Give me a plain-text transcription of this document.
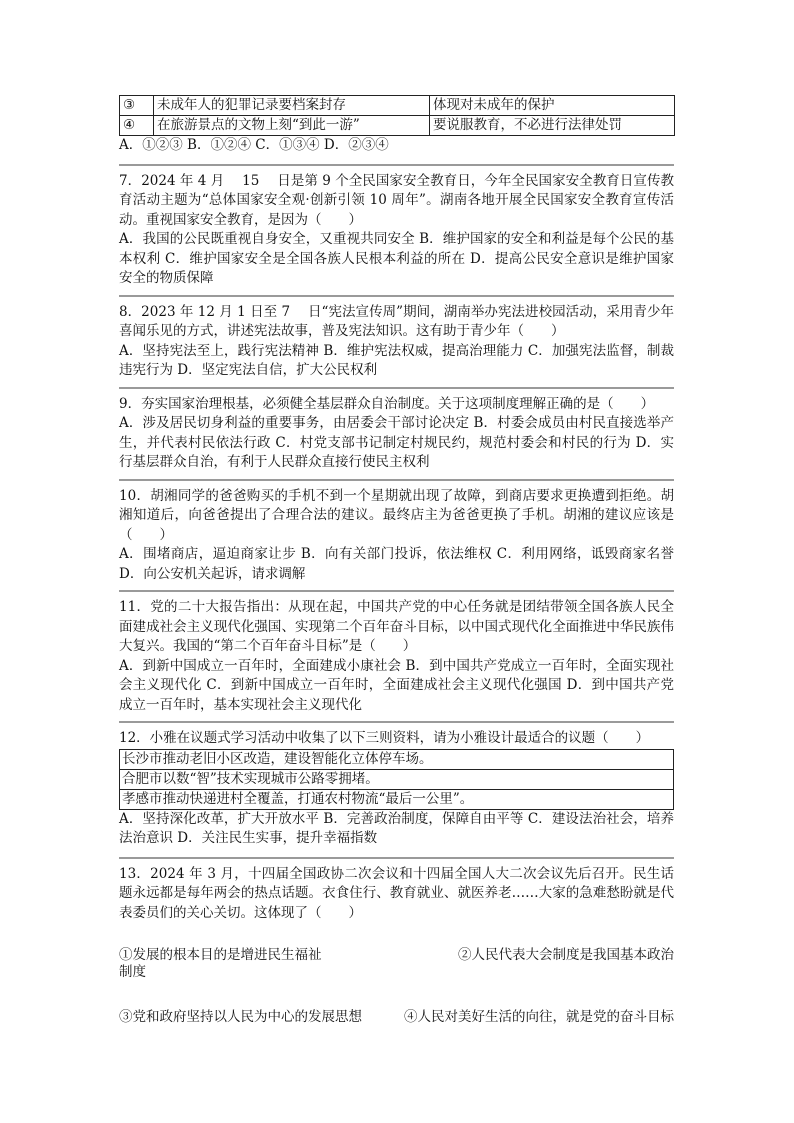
③	未成年人的犯罪记录要档案封存	体现对未成年的保护
④	在旅游景点的文物上刻“到此一游”	要说服教育，不必进行法律处罚

A．①②③ B．①②④ C．①③④ D．②③④

7．2024 年 4 月 　15 　日是第 9 个全民国家安全教育日，今年全民国家安全教育日宣传教育活动主题为“总体国家安全观·创新引领 10 周年”。湖南各地开展全民国家安全教育宣传活动。重视国家安全教育，是因为（　　）

A．我国的公民既重视自身安全，又重视共同安全 B．维护国家的安全和利益是每个公民的基本权利 C．维护国家安全是全国各族人民根本利益的所在 D．提高公民安全意识是维护国家安全的物质保障

8．2023 年 12 月 1 日至 7 　日“宪法宣传周”期间，湖南举办宪法进校园活动，采用青少年喜闻乐见的方式，讲述宪法故事，普及宪法知识。这有助于青少年（　　）

A．坚持宪法至上，践行宪法精神 B．维护宪法权威，提高治理能力 C．加强宪法监督，制裁违宪行为 D．坚定宪法自信，扩大公民权利

9．夯实国家治理根基，必须健全基层群众自治制度。关于这项制度理解正确的是（　　）

A．涉及居民切身利益的重要事务，由居委会干部讨论决定 B．村委会成员由村民直接选举产生，并代表村民依法行政 C．村党支部书记制定村规民约，规范村委会和村民的行为 D．实行基层群众自治，有利于人民群众直接行使民主权利

10．胡湘同学的爸爸购买的手机不到一个星期就出现了故障，到商店要求更换遭到拒绝。胡湘知道后，向爸爸提出了合理合法的建议。最终店主为爸爸更换了手机。胡湘的建议应该是（　　）

A．围堵商店，逼迫商家让步 B．向有关部门投诉，依法维权 C．利用网络，诋毁商家名誉 D．向公安机关起诉，请求调解

11．党的二十大报告指出：从现在起，中国共产党的中心任务就是团结带领全国各族人民全面建成社会主义现代化强国、实现第二个百年奋斗目标，以中国式现代化全面推进中华民族伟大复兴。我国的“第二个百年奋斗目标”是（　　）

A．到新中国成立一百年时，全面建成小康社会 B．到中国共产党成立一百年时，全面实现社会主义现代化 C．到新中国成立一百年时，全面建成社会主义现代化强国 D．到中国共产党成立一百年时，基本实现社会主义现代化

12．小雅在议题式学习活动中收集了以下三则资料，请为小雅设计最适合的议题（　　）

长沙市推动老旧小区改造，建设智能化立体停车场。
合肥市以数“智”技术实现城市公路零拥堵。
孝感市推动快递进村全覆盖，打通农村物流“最后一公里”。

A．坚持深化改革，扩大开放水平 B．完善政治制度，保障自由平等 C．建设法治社会，培养法治意识 D．关注民生实事，提升幸福指数

13．2024 年 3 月，十四届全国政协二次会议和十四届全国人大二次会议先后召开。民生话题永远都是每年两会的热点话题。衣食住行、教育就业、就医养老……大家的急难愁盼就是代表委员们的关心关切。这体现了（　　）

①发展的根本目的是增进民生福祉	②人民代表大会制度是我国基本政治

制度

③党和政府坚持以人民为中心的发展思想	④人民对美好生活的向往，就是党的奋斗目标
